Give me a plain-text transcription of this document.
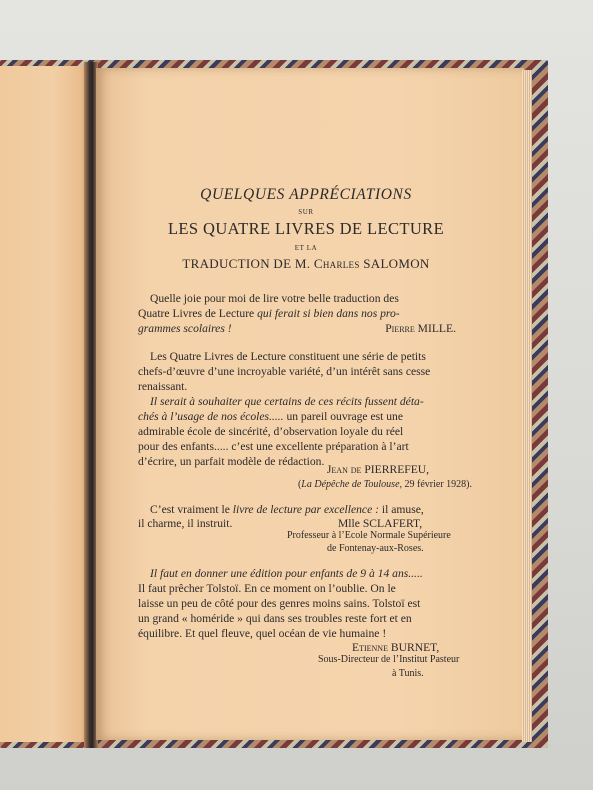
QUELQUES APPRÉCIATIONS
SUR
LES QUATRE LIVRES DE LECTURE
ET LA
TRADUCTION DE M. Charles SALOMON
Quelle joie pour moi de lire votre belle traduction des
Quatre Livres de Lecture qui ferait si bien dans nos pro-
grammes scolaires !	Pierre MILLE.
Les Quatre Livres de Lecture constituent une série de petits
chefs-d’œuvre d’une incroyable variété, d’un intérêt sans cesse
renaissant.
Il serait à souhaiter que certains de ces récits fussent déta-
chés à l’usage de nos écoles..... un pareil ouvrage est une
admirable école de sincérité, d’observation loyale du réel
pour des enfants..... c’est une excellente préparation à l’art
d’écrire, un parfait modèle de rédaction.
Jean de PIERREFEU,
(La Dépêche de Toulouse, 29 février 1928).
C’est vraiment le livre de lecture par excellence : il amuse,
il charme, il instruit.	Mlle SCLAFERT,
Professeur à l’Ecole Normale Supérieure
de Fontenay-aux-Roses.
Il faut en donner une édition pour enfants de 9 à 14 ans.....
Il faut prêcher Tolstoï. En ce moment on l’oublie. On le
laisse un peu de côté pour des genres moins sains. Tolstoï est
un grand « homéride » qui dans ses troubles reste fort et en
équilibre. Et quel fleuve, quel océan de vie humaine !
Etienne BURNET,
Sous-Directeur de l’Institut Pasteur
à Tunis.
